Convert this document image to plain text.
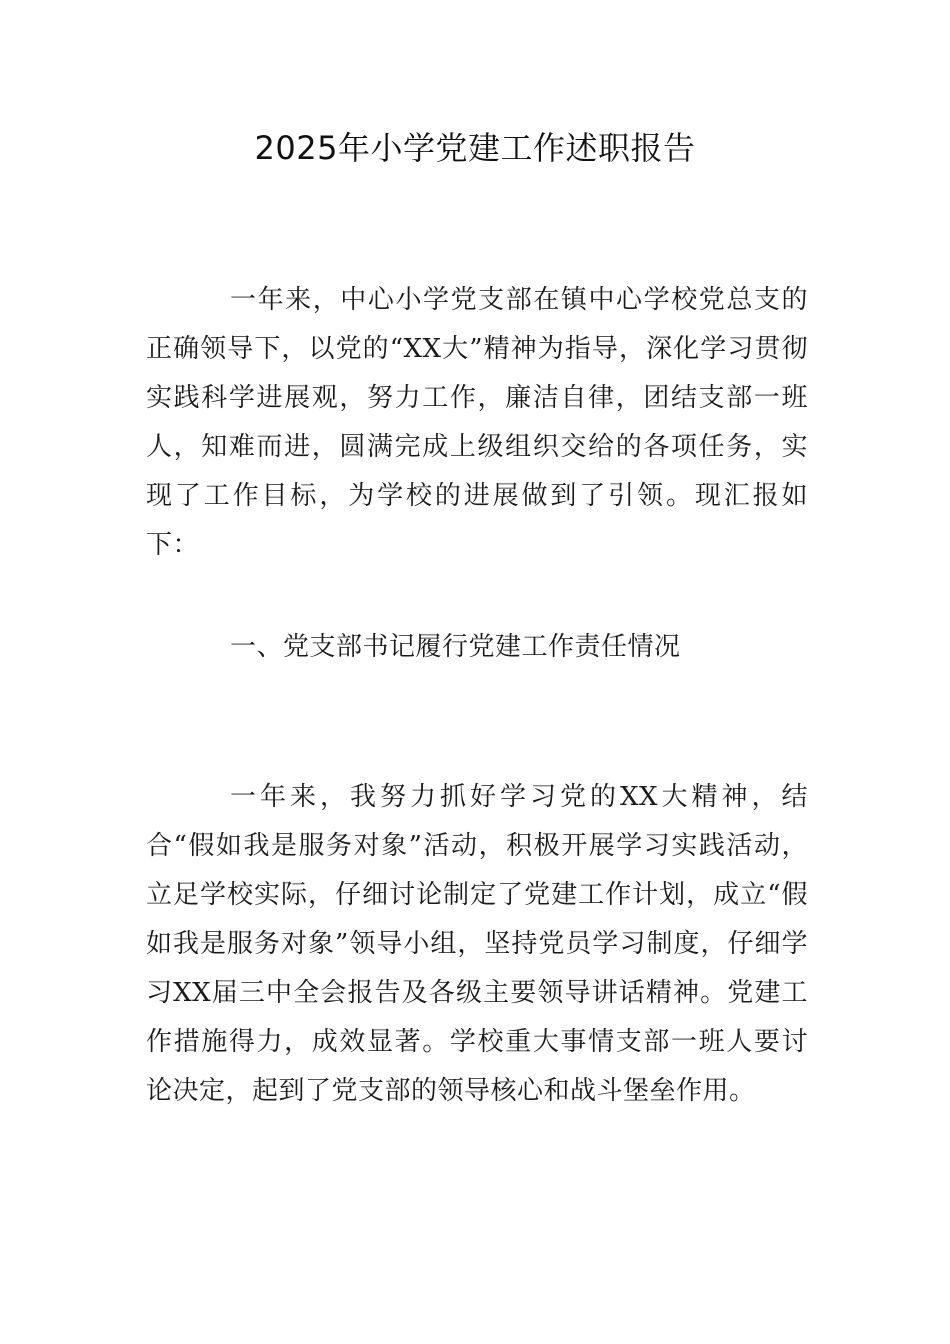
2025年小学党建工作述职报告

一年来，中心小学党支部在镇中心学校党总支的正确领导下，以党的“XX大”精神为指导，深化学习贯彻实践科学进展观，努力工作，廉洁自律，团结支部一班人，知难而进，圆满完成上级组织交给的各项任务，实现了工作目标，为学校的进展做到了引领。现汇报如下：

一、党支部书记履行党建工作责任情况

一年来，我努力抓好学习党的XX大精神，结合“假如我是服务对象”活动，积极开展学习实践活动，立足学校实际，仔细讨论制定了党建工作计划，成立“假如我是服务对象”领导小组，坚持党员学习制度，仔细学习XX届三中全会报告及各级主要领导讲话精神。党建工作措施得力，成效显著。学校重大事情支部一班人要讨论决定，起到了党支部的领导核心和战斗堡垒作用。
